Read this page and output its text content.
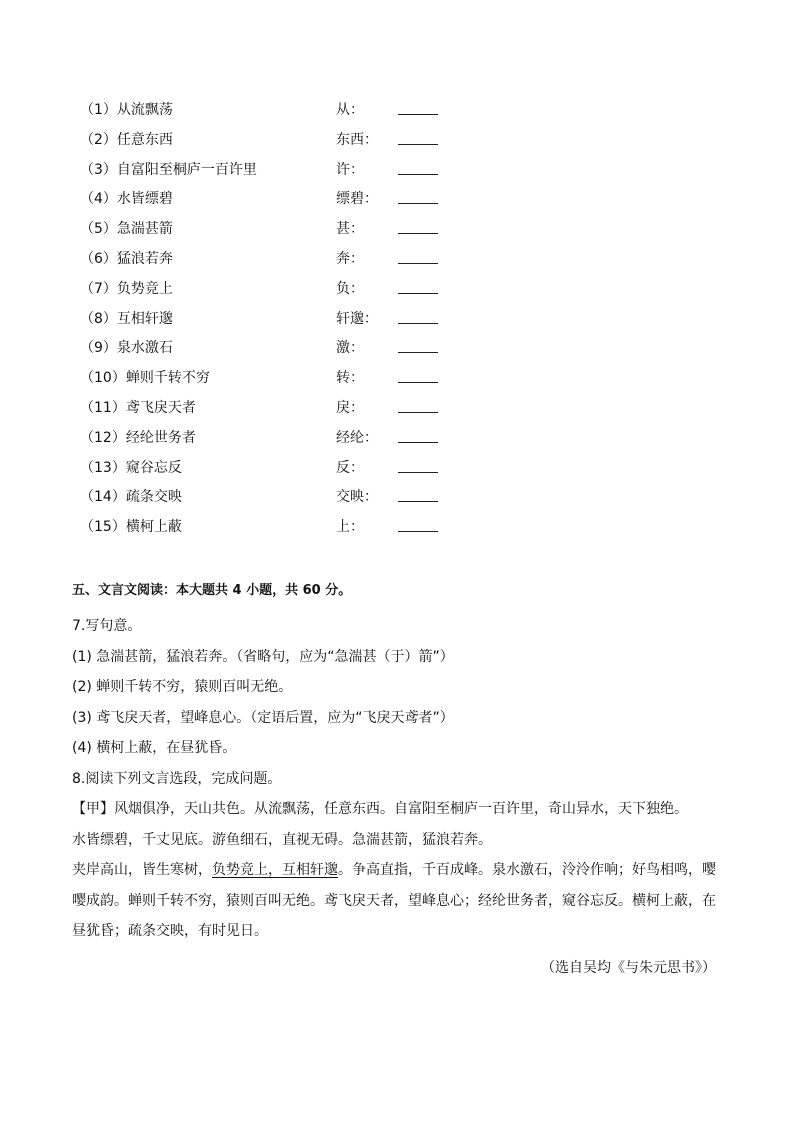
（1）从流飘荡	从：
（2）任意东西	东西：
（3）自富阳至桐庐一百许里	许：
（4）水皆缥碧	缥碧：
（5）急湍甚箭	甚：
（6）猛浪若奔	奔：
（7）负势竞上	负：
（8）互相轩邈	轩邈：
（9）泉水激石	激：
（10）蝉则千转不穷	转：
（11）鸢飞戾天者	戾：
（12）经纶世务者	经纶：
（13）窥谷忘反	反：
（14）疏条交映	交映：
（15）横柯上蔽	上：
五、文言文阅读：本大题共 4 小题，共 60 分。
7.写句意。
(1) 急湍甚箭，猛浪若奔。（省略句，应为“急湍甚（于）箭”）
(2) 蝉则千转不穷，猿则百叫无绝。
(3) 鸢飞戾天者，望峰息心。（定语后置，应为“飞戾天鸢者”）
(4) 横柯上蔽，在昼犹昏。
8.阅读下列文言选段，完成问题。
【甲】风烟俱净，天山共色。从流飘荡，任意东西。自富阳至桐庐一百许里，奇山异水，天下独绝。
水皆缥碧，千丈见底。游鱼细石，直视无碍。急湍甚箭，猛浪若奔。
夹岸高山，皆生寒树，负势竞上，互相轩邈。争高直指，千百成峰。泉水激石，泠泠作响；好鸟相鸣，嘤
嘤成韵。蝉则千转不穷，猿则百叫无绝。鸢飞戾天者，望峰息心；经纶世务者，窥谷忘反。横柯上蔽，在
昼犹昏；疏条交映，有时见日。
（选自吴均《与朱元思书》）
